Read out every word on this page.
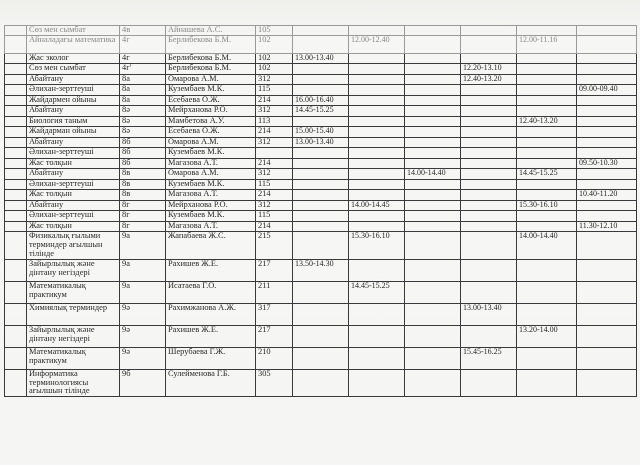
	Сөз мен сымбат	4в	Айнашева А.С.	105						
	Айналадағы математика	4г	Берлибекова Б.М.	102		12.00-12.40			12.00-11.16	
	Жас эколог	4г	Берлибекова Б.М.	102	13.00-13.40					
	Сөз мен сымбат	4г'	Берлибекова Б.М.	102				12.20-13.10		
	Абайтану	8а	Омарова А.М.	312				12.40-13.20		
	Әлихан-зерттеуші	8а	Кузембаев М.К.	115						09.00-09.40
	Жайдармен ойыны	8а	Есебаева О.Ж.	214	16.00-16.40					
	Абайтану	8ә	Мейрханова Р.О.	312	14.45-15.25					
	Биология таным	8ә	Мамбетова А.У.	113					12.40-13.20	
	Жайдарман ойыны	8ә	Есебаева О.Ж.	214	15.00-15.40					
	Абайтану	8б	Омарова А.М.	312	13.00-13.40					
	Әлихан-зерттеуші	8б	Кузембаев М.К.							
	Жас толқын	8б	Магазова А.Т.	214						09.50-10.30
	Абайтану	8в	Омарова А.М.	312			14.00-14.40		14.45-15.25	
	Әлихан-зерттеуші	8в	Кузембаев М.К.	115						
	Жас толқын	8в	Магазова А.Т.	214						10.40-11.20
	Абайтану	8г	Мейрханова Р.О.	312		14.00-14.45			15.30-16.10	
	Әлихан-зерттеуші	8г	Кузембаев М.К.	115						
	Жас толқын	8г	Магазова А.Т.	214						11.30-12.10
	Физикалық ғылыми терминдер ағылшын тілінде	9а	Жапабаева Ж.С.	215		15.30-16.10			14.00-14.40	
	Зайырлылық және дінтану негіздері	9а	Рахишев Ж.Е.	217	13.50-14.30					
	Математикалық практикум	9а	Исатаева Г.О.	211		14.45-15.25				
	Химиялық терминдер	9ә	Рахимжанова А.Ж.	317				13.00-13.40		
	Зайырлылық және дінтану негіздері	9ә	Рахишев Ж.Е.	217					13.20-14.00	
	Математикалық практикум	9ә	Шерубаева Г.Ж.	210				15.45-16.25		
	Информатика терминологиясы ағылшын тілінде	9б	Сулейменова Г.Б.	305						
